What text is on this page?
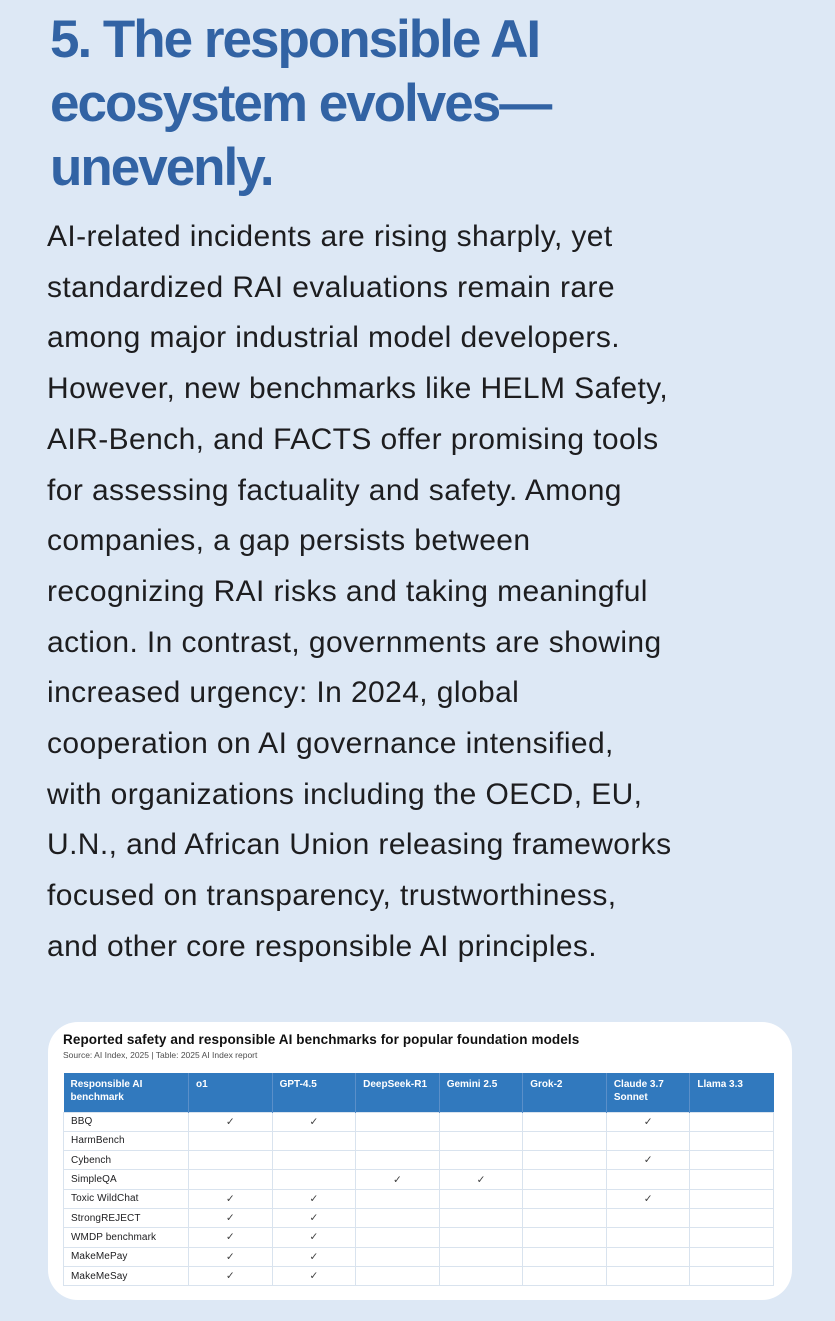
5. The responsible AI
ecosystem evolves—
unevenly.
AI-related incidents are rising sharply, yet
standardized RAI evaluations remain rare
among major industrial model developers.
However, new benchmarks like HELM Safety,
AIR-Bench, and FACTS offer promising tools
for assessing factuality and safety. Among
companies, a gap persists between
recognizing RAI risks and taking meaningful
action. In contrast, governments are showing
increased urgency: In 2024, global
cooperation on AI governance intensified,
with organizations including the OECD, EU,
U.N., and African Union releasing frameworks
focused on transparency, trustworthiness,
and other core responsible AI principles.
Reported safety and responsible AI benchmarks for popular foundation models
Source: AI Index, 2025 | Table: 2025 AI Index report
Responsible AI benchmark	o1	GPT-4.5	DeepSeek-R1	Gemini 2.5	Grok-2	Claude 3.7 Sonnet	Llama 3.3
BBQ	✓	✓				✓	
HarmBench							
Cybench						✓	
SimpleQA			✓	✓			
Toxic WildChat	✓	✓				✓	
StrongREJECT	✓	✓					
WMDP benchmark	✓	✓					
MakeMePay	✓	✓					
MakeMeSay	✓	✓					
